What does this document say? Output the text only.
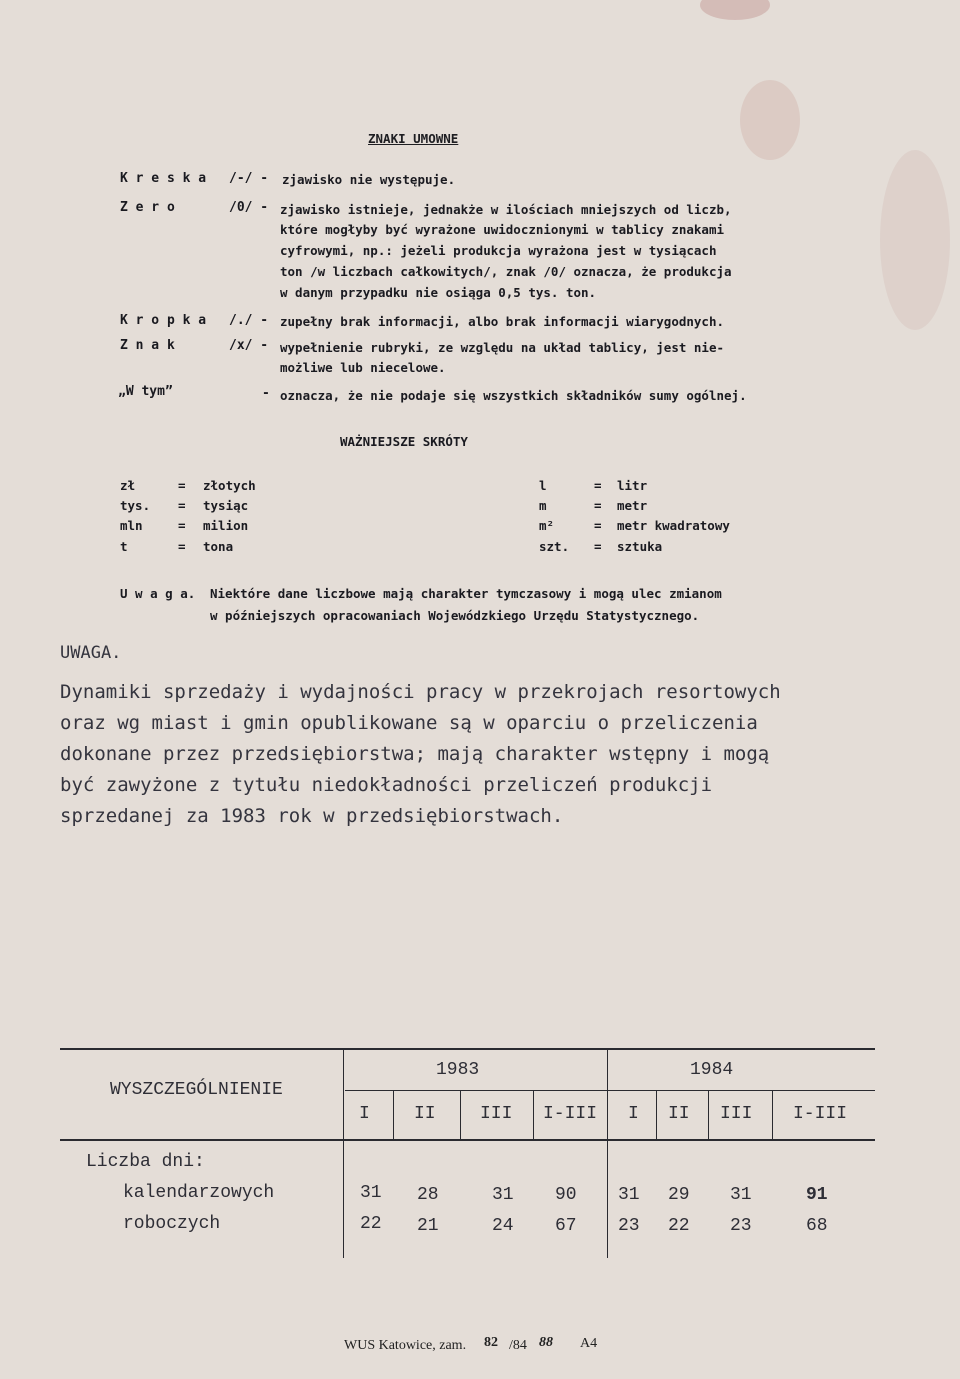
ZNAKI UMOWNE
K r e s k a /-/ - zjawisko nie występuje.
Z e r o	/0/ - zjawisko istnieje, jednakże w ilościach mniejszych od liczb,
które mogłyby być wyrażone uwidocznionymi w tablicy znakami
cyfrowymi, np.: jeżeli produkcja wyrażona jest w tysiącach
ton /w liczbach całkowitych/, znak /0/ oznacza, że produkcja
w danym przypadku nie osiąga 0,5 tys. ton.
K r o p k a /./ - zupełny brak informacji, albo brak informacji wiarygodnych.
Z n a k	/x/ - wypełnienie rubryki, ze względu na układ tablicy, jest nie-
możliwe lub niecelowe.
„W tym”	- oznacza, że nie podaje się wszystkich składników sumy ogólnej.
WAŻNIEJSZE SKRÓTY
zł	= złotych
tys. = tysiąc
mln	= milion
t	= tona
l	= litr
m	= metr
m²	= metr kwadratowy
szt. = sztuka
U w a g a. Niektóre dane liczbowe mają charakter tymczasowy i mogą ulec zmianom
w późniejszych opracowaniach Wojewódzkiego Urzędu Statystycznego.
UWAGA.
Dynamiki sprzedaży i wydajności pracy w przekrojach resortowych
oraz wg miast i gmin opublikowane są w oparciu o przeliczenia
dokonane przez przedsiębiorstwa; mają charakter wstępny i mogą
być zawyżone z tytułu niedokładności przeliczeń produkcji
sprzedanej za 1983 rok w przedsiębiorstwach.
WYSZCZEGÓLNIENIE
1983	1984
I II III I-III I II III I-III
Liczba dni:
kalendarzowych	31 28	31 90 31 29 31	91
roboczych	22 21	24 67 23 22 23	68
WUS Katowice, zam. 82 /84 88 A4
